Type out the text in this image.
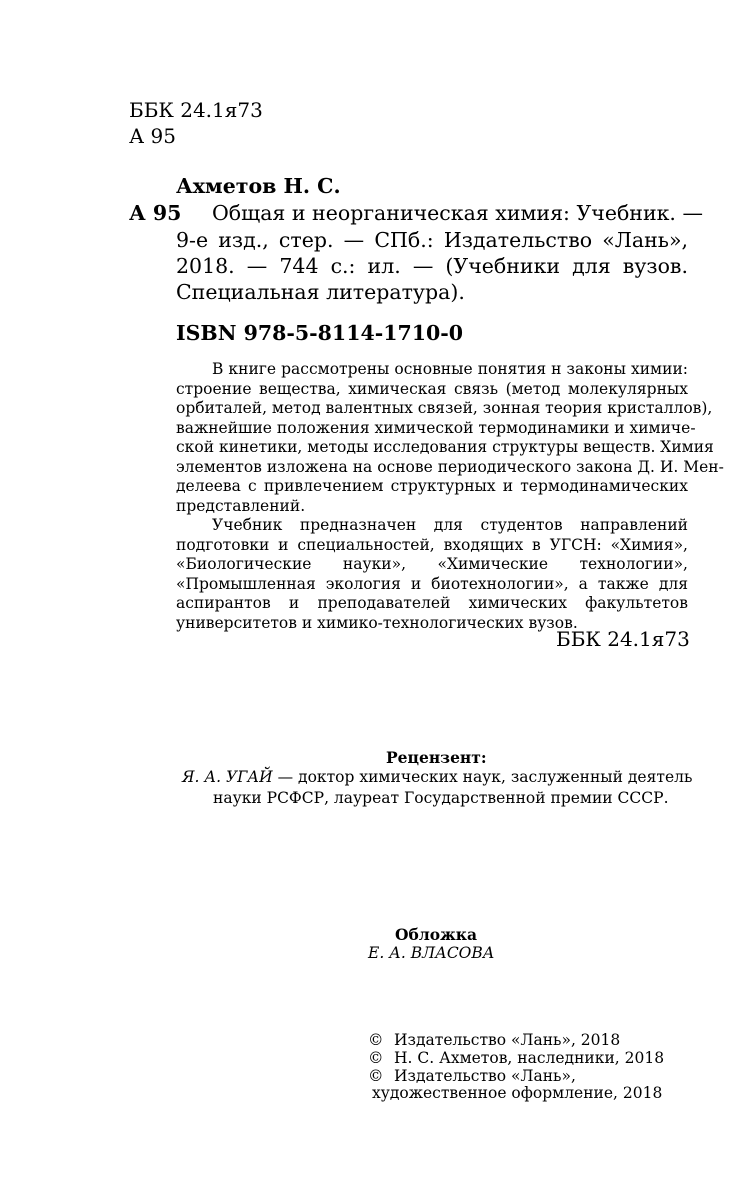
ББК 24.1я73
А 95
Ахметов Н. С.
А 95 Общая и неорганическая химия: Учебник. —
9-е изд., стер. — СПб.: Издательство «Лань»,
2018. — 744 с.: ил. — (Учебники для вузов.
Специальная литература).
ISBN 978-5-8114-1710-0
В книге рассмотрены основные понятия н законы химии:
строение вещества, химическая связь (метод молекулярных
орбиталей, метод валентных связей, зонная теория кристаллов),
важнейшие положения химической термодинамики и химиче-
ской кинетики, методы исследования структуры веществ. Химия
элементов изложена на основе периодического закона Д. И. Мен-
делеева с привлечением структурных и термодинамических
представлений.
Учебник предназначен для студентов направлений
подготовки и специальностей, входящих в УГСН: «Химия»,
«Биологические науки», «Химические технологии»,
«Промышленная экология и биотехнологии», а также для
аспирантов и преподавателей химических факультетов
университетов и химико-технологических вузов.
ББК 24.1я73
Рецензент:
Я. А. УГАЙ — доктор химических наук, заслуженный деятель
науки РСФСР, лауреат Государственной премии СССР.
Обложка
Е. А. ВЛАСОВА
© Издательство «Лань», 2018
© Н. С. Ахметов, наследники, 2018
© Издательство «Лань»,
художественное оформление, 2018
